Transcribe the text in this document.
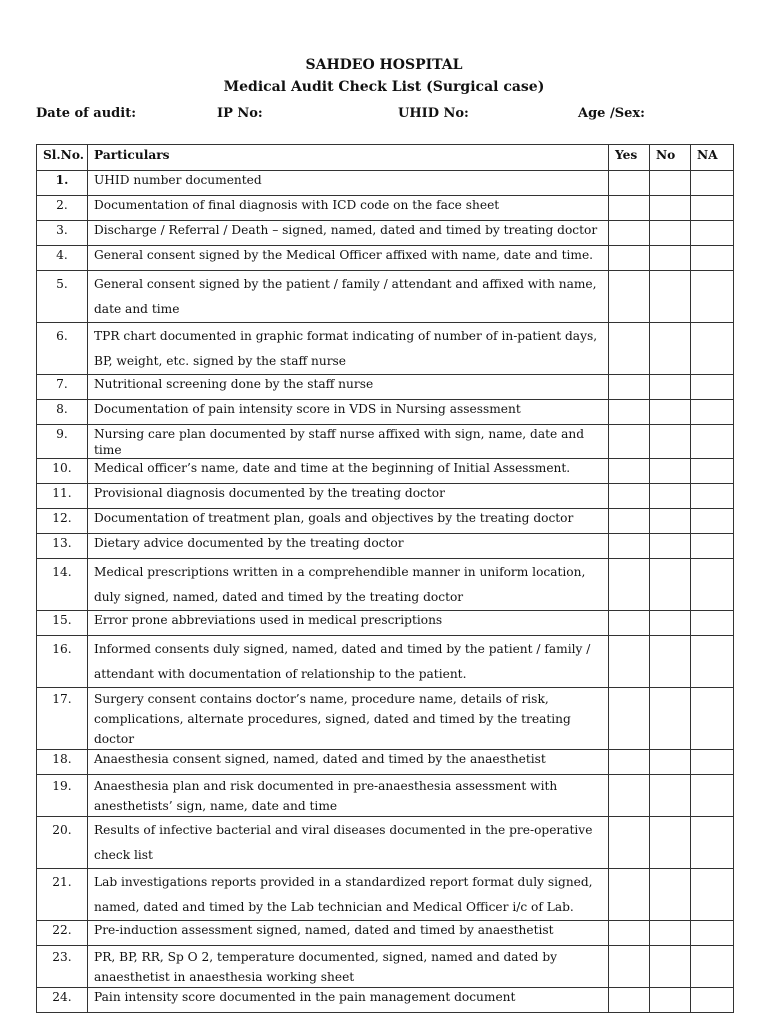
SAHDEO HOSPITAL
Medical Audit Check List (Surgical case)
Date of audit:	IP No:	UHID No:	Age /Sex:
Sl.No.	Particulars	Yes	No	NA

1.	UHID number documented			

2.	Documentation of final diagnosis with ICD code on the face sheet			

3.	Discharge / Referral / Death – signed, named, dated and timed by treating doctor			

4.	General consent signed by the Medical Officer affixed with name, date and time.			

5.	General consent signed by the patient / family / attendant and affixed with name, date and time			

6.	TPR chart documented in graphic format indicating of number of in-patient days, BP, weight, etc. signed by the staff nurse			

7.	Nutritional screening done by the staff nurse			

8.	Documentation of pain intensity score in VDS in Nursing assessment			

9.	Nursing care plan documented by staff nurse affixed with sign, name, date and time			

10.	Medical officer’s name, date and time at the beginning of Initial Assessment.			

11.	Provisional diagnosis documented by the treating doctor			

12.	Documentation of treatment plan, goals and objectives by the treating doctor			

13.	Dietary advice documented by the treating doctor			

14.	Medical prescriptions written in a comprehendible manner in uniform location, duly signed, named, dated and timed by the treating doctor			

15.	Error prone abbreviations used in medical prescriptions			

16.	Informed consents duly signed, named, dated and timed by the patient / family / attendant with documentation of relationship to the patient.			

17.	Surgery consent contains doctor’s name, procedure name, details of risk, complications, alternate procedures, signed, dated and timed by the treating doctor			

18.	Anaesthesia consent signed, named, dated and timed by the anaesthetist			

19.	Anaesthesia plan and risk documented in pre-anaesthesia assessment with anesthetists’ sign, name, date and time			

20.	Results of infective bacterial and viral diseases documented in the pre-operative check list			

21.	Lab investigations reports provided in a standardized report format duly signed, named, dated and timed by the Lab technician and Medical Officer i/c of Lab.			

22.	Pre-induction assessment signed, named, dated and timed by anaesthetist			

23.	PR, BP, RR, Sp O 2, temperature documented, signed, named and dated by anaesthetist in anaesthesia working sheet			

24.	Pain intensity score documented in the pain management document			
